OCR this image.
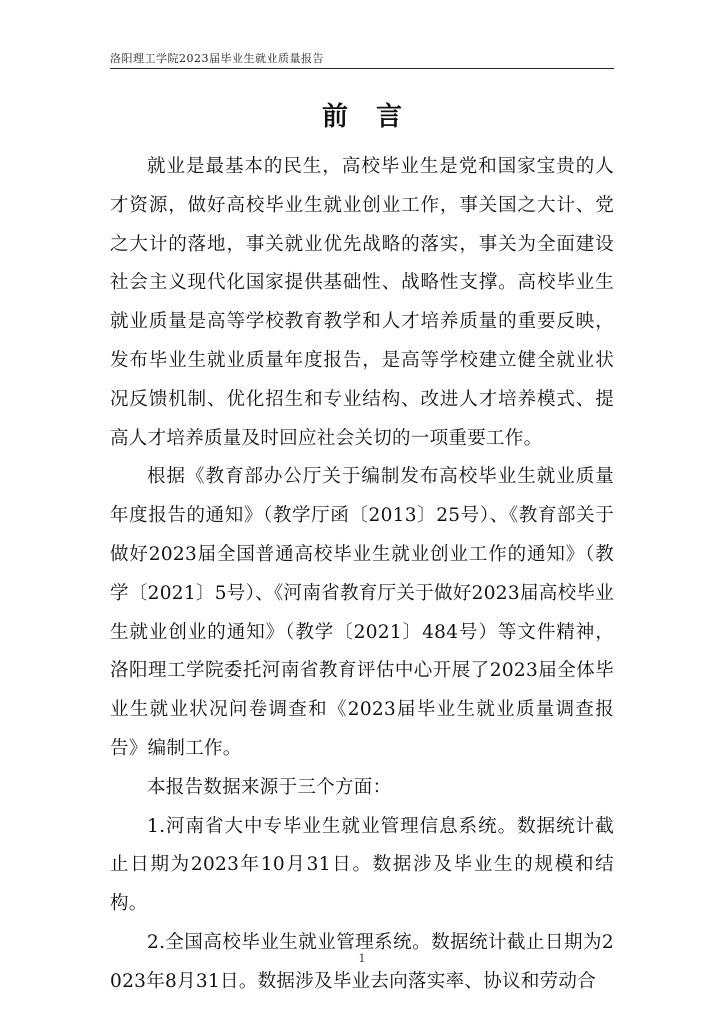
洛阳理工学院2023届毕业生就业质量报告
前言

就业是最基本的民生，高校毕业生是党和国家宝贵的人才资源，做好高校毕业生就业创业工作，事关国之大计、党之大计的落地，事关就业优先战略的落实，事关为全面建设社会主义现代化国家提供基础性、战略性支撑。高校毕业生就业质量是高等学校教育教学和人才培养质量的重要反映，发布毕业生就业质量年度报告，是高等学校建立健全就业状况反馈机制、优化招生和专业结构、改进人才培养模式、提高人才培养质量及时回应社会关切的一项重要工作。

根据《教育部办公厅关于编制发布高校毕业生就业质量年度报告的通知》（教学厅函〔2013〕25号）、《教育部关于做好2023届全国普通高校毕业生就业创业工作的通知》（教学〔2021〕5号）、《河南省教育厅关于做好2023届高校毕业生就业创业的通知》（教学〔2021〕484号）等文件精神，洛阳理工学院委托河南省教育评估中心开展了2023届全体毕业生就业状况问卷调查和《2023届毕业生就业质量调查报告》编制工作。

本报告数据来源于三个方面：

1.河南省大中专毕业生就业管理信息系统。数据统计截止日期为2023年10月31日。数据涉及毕业生的规模和结构。

2.全国高校毕业生就业管理系统。数据统计截止日期为2023年8月31日。数据涉及毕业去向落实率、协议和劳动合

1
